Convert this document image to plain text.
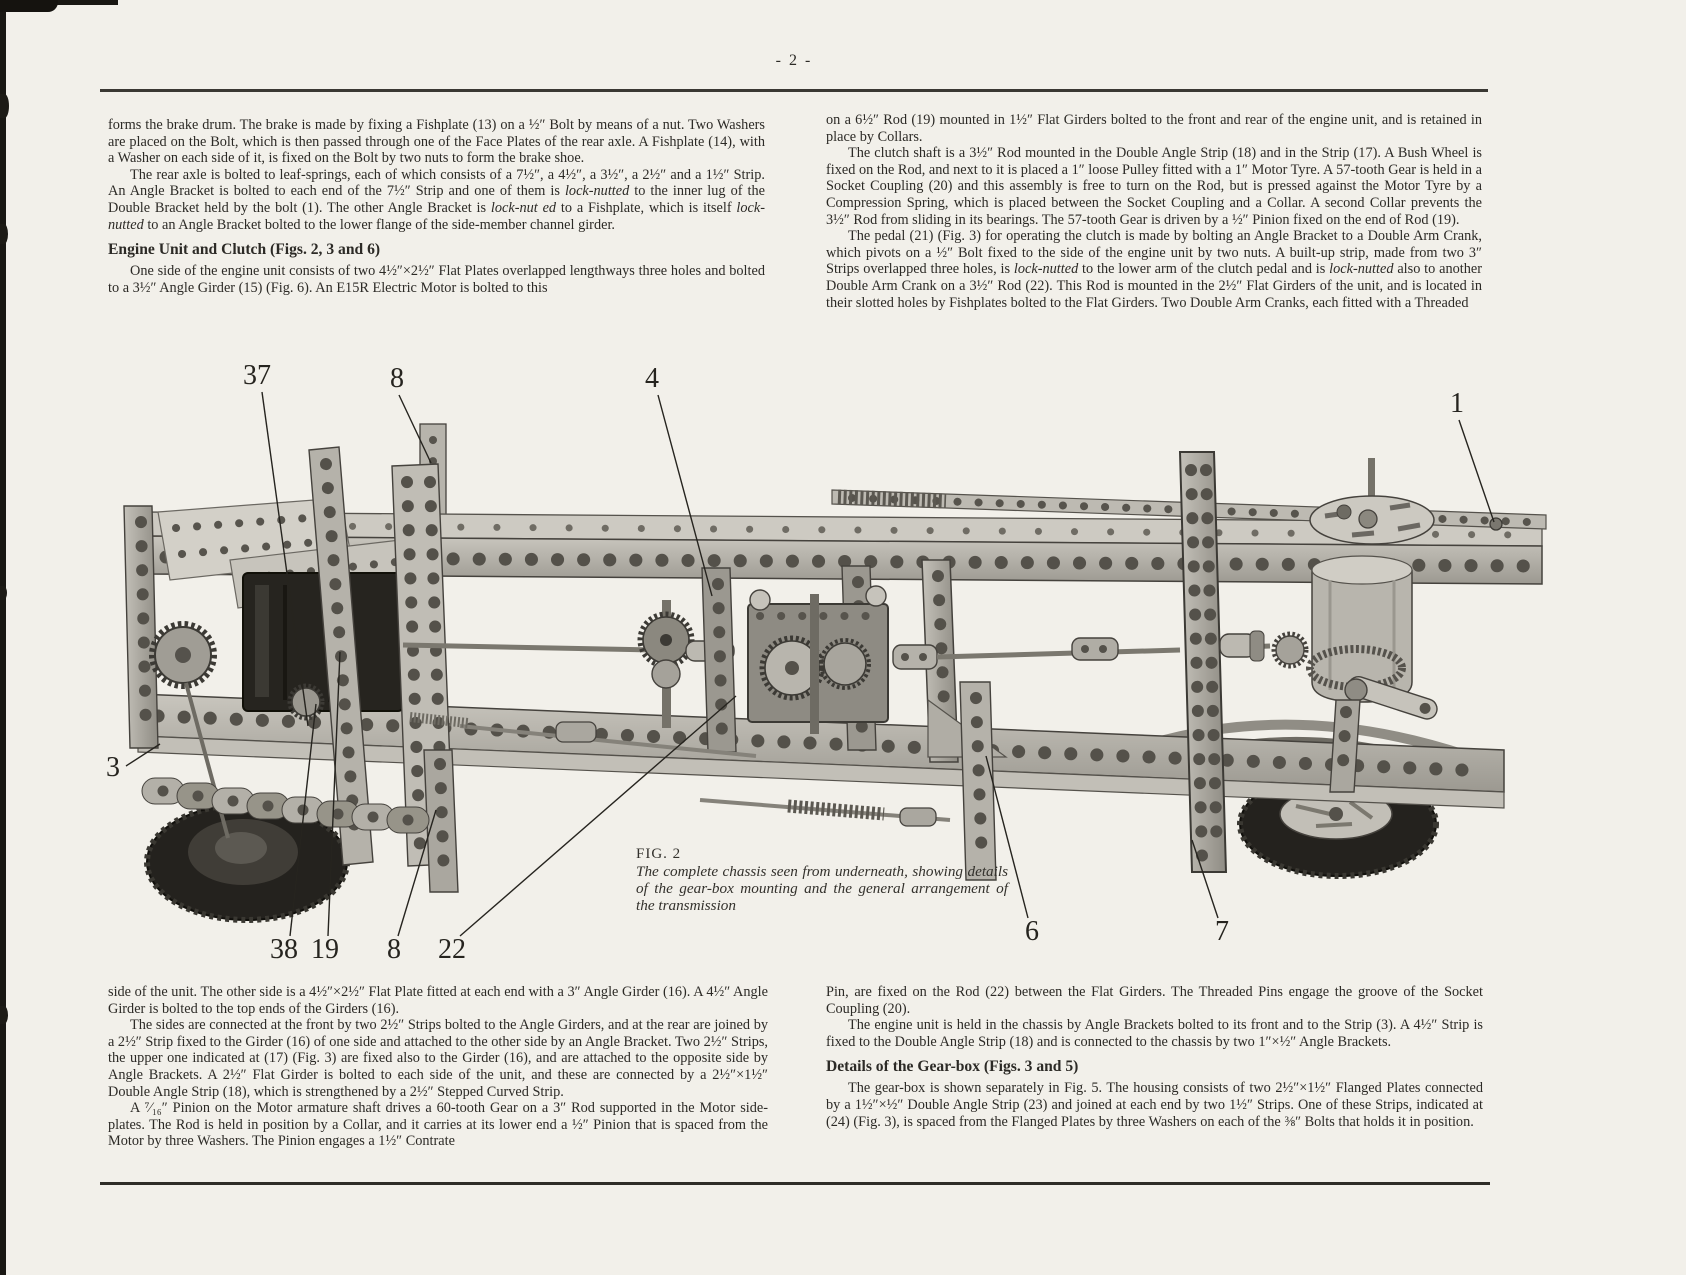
- 2 -

forms the brake drum. The brake is made by fixing a Fishplate (13) on a ½″ Bolt by means of a nut. Two Washers are placed on the Bolt, which is then passed through one of the Face Plates of the rear axle. A Fishplate (14), with a Washer on each side of it, is fixed on the Bolt by two nuts to form the brake shoe.

The rear axle is bolted to leaf-springs, each of which consists of a 7½″, a 4½″, a 3½″, a 2½″ and a 1½″ Strip. An Angle Bracket is bolted to each end of the 7½″ Strip and one of them is lock-nutted to the inner lug of the Double Bracket held by the bolt (1). The other Angle Bracket is lock-nut ed to a Fishplate, which is itself lock-nutted to an Angle Bracket bolted to the lower flange of the side-member channel girder.

Engine Unit and Clutch (Figs. 2, 3 and 6)

One side of the engine unit consists of two 4½″×2½″ Flat Plates overlapped lengthways three holes and bolted to a 3½″ Angle Girder (15) (Fig. 6). An E15R Electric Motor is bolted to this

on a 6½″ Rod (19) mounted in 1½″ Flat Girders bolted to the front and rear of the engine unit, and is retained in place by Collars.

The clutch shaft is a 3½″ Rod mounted in the Double Angle Strip (18) and in the Strip (17). A Bush Wheel is fixed on the Rod, and next to it is placed a 1″ loose Pulley fitted with a 1″ Motor Tyre. A 57-tooth Gear is held in a Socket Coupling (20) and this assembly is free to turn on the Rod, but is pressed against the Motor Tyre by a Compression Spring, which is placed between the Socket Coupling and a Collar. A second Collar prevents the 3½″ Rod from sliding in its bearings. The 57-tooth Gear is driven by a ½″ Pinion fixed on the end of Rod (19).

The pedal (21) (Fig. 3) for operating the clutch is made by bolting an Angle Bracket to a Double Arm Crank, which pivots on a ½″ Bolt fixed to the side of the engine unit by two nuts. A built-up strip, made from two 3″ Strips overlapped three holes, is lock-nutted to the lower arm of the clutch pedal and is lock-nutted also to another Double Arm Crank on a 3½″ Rod (22). This Rod is mounted in the 2½″ Flat Girders of the unit, and is located in their slotted holes by Fishplates bolted to the Flat Girders. Two Double Arm Cranks, each fitted with a Threaded

side of the unit. The other side is a 4½″×2½″ Flat Plate fitted at each end with a 3″ Angle Girder (16). A 4½″ Angle Girder is bolted to the top ends of the Girders (16).

The sides are connected at the front by two 2½″ Strips bolted to the Angle Girders, and at the rear are joined by a 2½″ Strip fixed to the Girder (16) of one side and attached to the other side by an Angle Bracket. Two 2½″ Strips, the upper one indicated at (17) (Fig. 3) are fixed also to the Girder (16), and are attached to the opposite side by Angle Brackets. A 2½″ Flat Girder is bolted to each side of the unit, and these are connected by a 2½″×1½″ Double Angle Strip (18), which is strengthened by a 2½″ Stepped Curved Strip.

A ⁷⁄₁₆″ Pinion on the Motor armature shaft drives a 60-tooth Gear on a 3″ Rod supported in the Motor side-plates. The Rod is held in position by a Collar, and it carries at its lower end a ½″ Pinion that is spaced from the Motor by three Washers. The Pinion engages a 1½″ Contrate

Pin, are fixed on the Rod (22) between the Flat Girders. The Threaded Pins engage the groove of the Socket Coupling (20).

The engine unit is held in the chassis by Angle Brackets bolted to its front and to the Strip (3). A 4½″ Strip is fixed to the Double Angle Strip (18) and is connected to the chassis by two 1″×½″ Angle Brackets.

Details of the Gear-box (Figs. 3 and 5)

The gear-box is shown separately in Fig. 5. The housing consists of two 2½″×1½″ Flanged Plates connected by a 1½″×½″ Double Angle Strip (23) and joined at each end by two 1½″ Strips. One of these Strips, indicated at (24) (Fig. 3), is spaced from the Flanged Plates by three Washers on each of the ⅜″ Bolts that holds it in position.

37	8	4
1
3
38 19 8 22
6	7
FIG. 2
The complete chassis seen from underneath, showing details of the gear-box mounting and the general arrangement of the transmission
